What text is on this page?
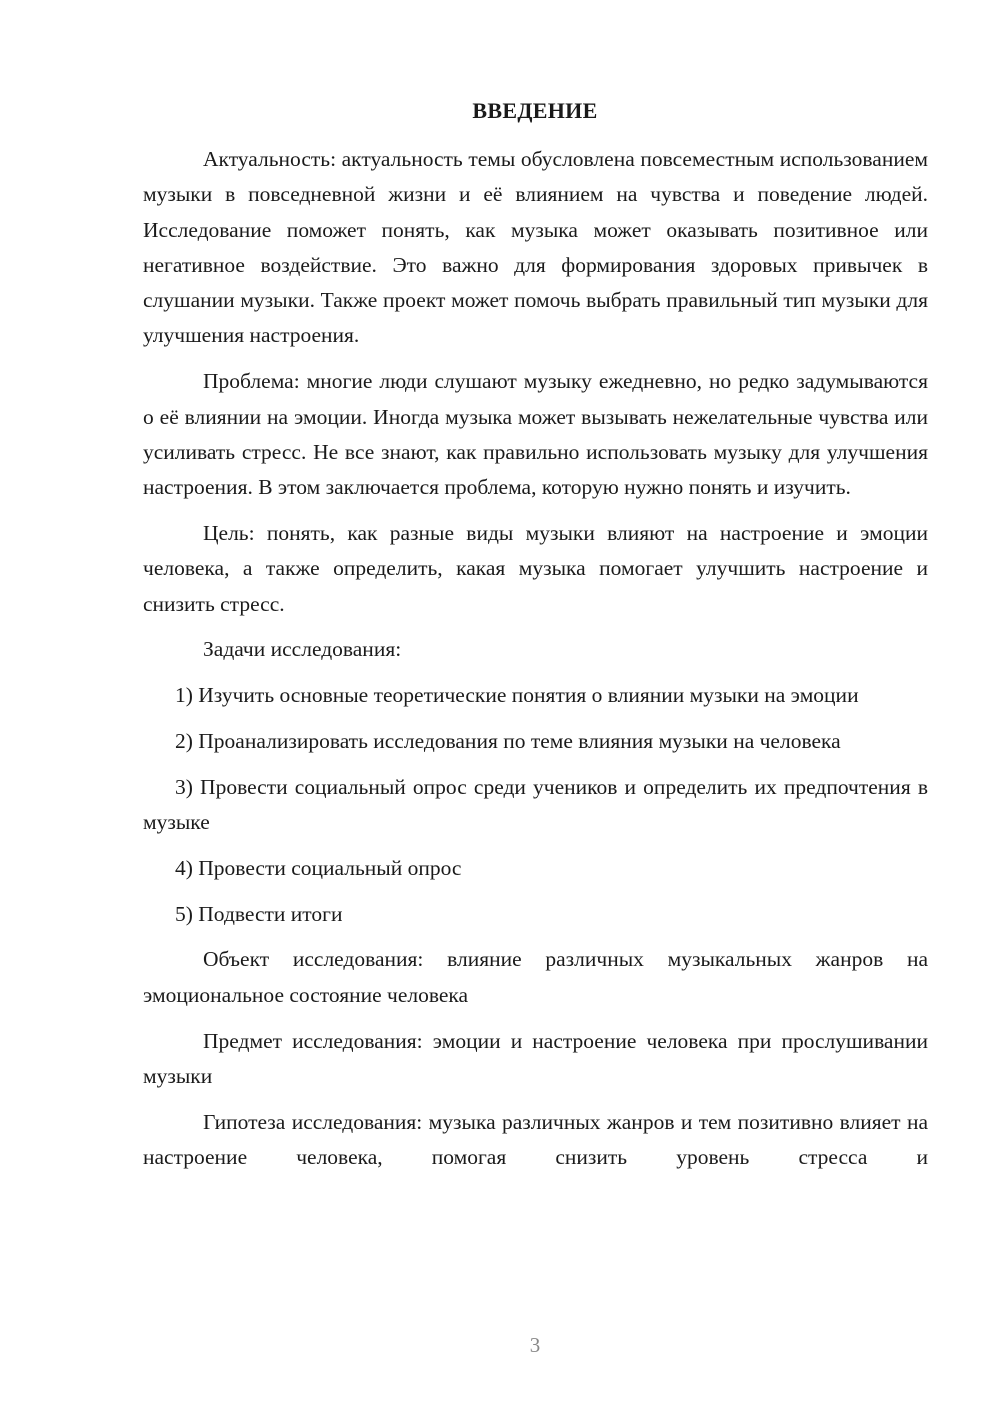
ВВЕДЕНИЕ

Актуальность: актуальность темы обусловлена повсеместным использованием музыки в повседневной жизни и её влиянием на чувства и поведение людей. Исследование поможет понять, как музыка может оказывать позитивное или негативное воздействие. Это важно для формирования здоровых привычек в слушании музыки. Также проект может помочь выбрать правильный тип музыки для улучшения настроения.

Проблема: многие люди слушают музыку ежедневно, но редко задумываются о её влиянии на эмоции. Иногда музыка может вызывать нежелательные чувства или усиливать стресс. Не все знают, как правильно использовать музыку для улучшения настроения. В этом заключается проблема, которую нужно понять и изучить.

Цель: понять, как разные виды музыки влияют на настроение и эмоции человека, а также определить, какая музыка помогает улучшить настроение и снизить стресс.

Задачи исследования:

1) Изучить основные теоретические понятия о влиянии музыки на эмоции

2) Проанализировать исследования по теме влияния музыки на человека

3) Провести социальный опрос среди учеников и определить их предпочтения в музыке

4) Провести социальный опрос

5) Подвести итоги

Объект исследования: влияние различных музыкальных жанров на эмоциональное состояние человека

Предмет исследования: эмоции и настроение человека при прослушивании музыки

Гипотеза исследования: музыка различных жанров и тем позитивно влияет на настроение человека, помогая снизить уровень стресса и

3
